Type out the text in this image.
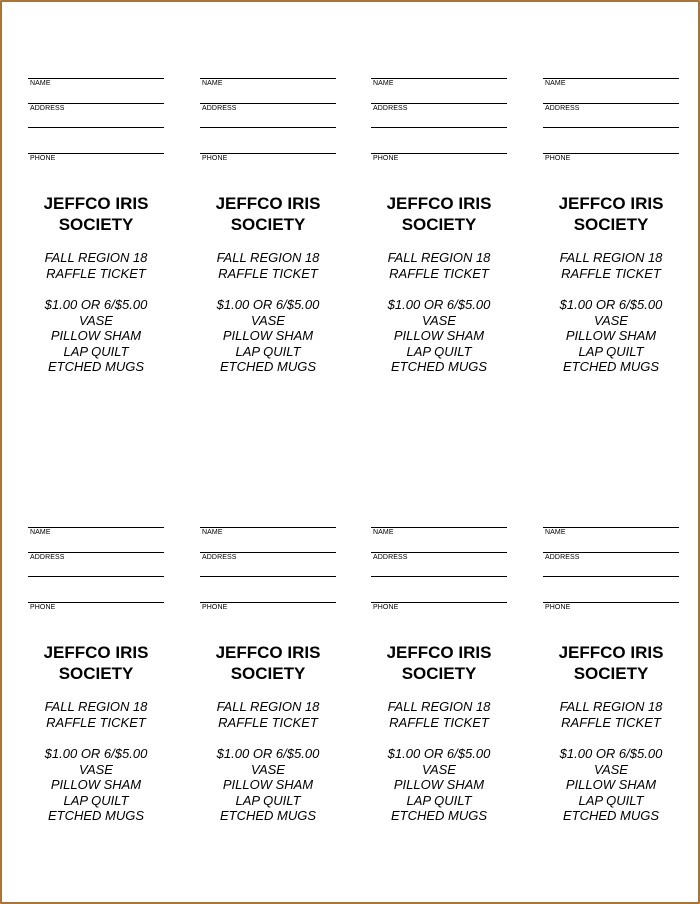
NAME
ADDRESS
PHONE
JEFFCO IRIS
SOCIETY
FALL REGION 18
RAFFLE TICKET
$1.00 OR 6/$5.00
VASE
PILLOW SHAM
LAP QUILT
ETCHED MUGS
NAME
ADDRESS
PHONE
JEFFCO IRIS
SOCIETY
FALL REGION 18
RAFFLE TICKET
$1.00 OR 6/$5.00
VASE
PILLOW SHAM
LAP QUILT
ETCHED MUGS
NAME
ADDRESS
PHONE
JEFFCO IRIS
SOCIETY
FALL REGION 18
RAFFLE TICKET
$1.00 OR 6/$5.00
VASE
PILLOW SHAM
LAP QUILT
ETCHED MUGS
NAME
ADDRESS
PHONE
JEFFCO IRIS
SOCIETY
FALL REGION 18
RAFFLE TICKET
$1.00 OR 6/$5.00
VASE
PILLOW SHAM
LAP QUILT
ETCHED MUGS
NAME
ADDRESS
PHONE
JEFFCO IRIS
SOCIETY
FALL REGION 18
RAFFLE TICKET
$1.00 OR 6/$5.00
VASE
PILLOW SHAM
LAP QUILT
ETCHED MUGS
NAME
ADDRESS
PHONE
JEFFCO IRIS
SOCIETY
FALL REGION 18
RAFFLE TICKET
$1.00 OR 6/$5.00
VASE
PILLOW SHAM
LAP QUILT
ETCHED MUGS
NAME
ADDRESS
PHONE
JEFFCO IRIS
SOCIETY
FALL REGION 18
RAFFLE TICKET
$1.00 OR 6/$5.00
VASE
PILLOW SHAM
LAP QUILT
ETCHED MUGS
NAME
ADDRESS
PHONE
JEFFCO IRIS
SOCIETY
FALL REGION 18
RAFFLE TICKET
$1.00 OR 6/$5.00
VASE
PILLOW SHAM
LAP QUILT
ETCHED MUGS
